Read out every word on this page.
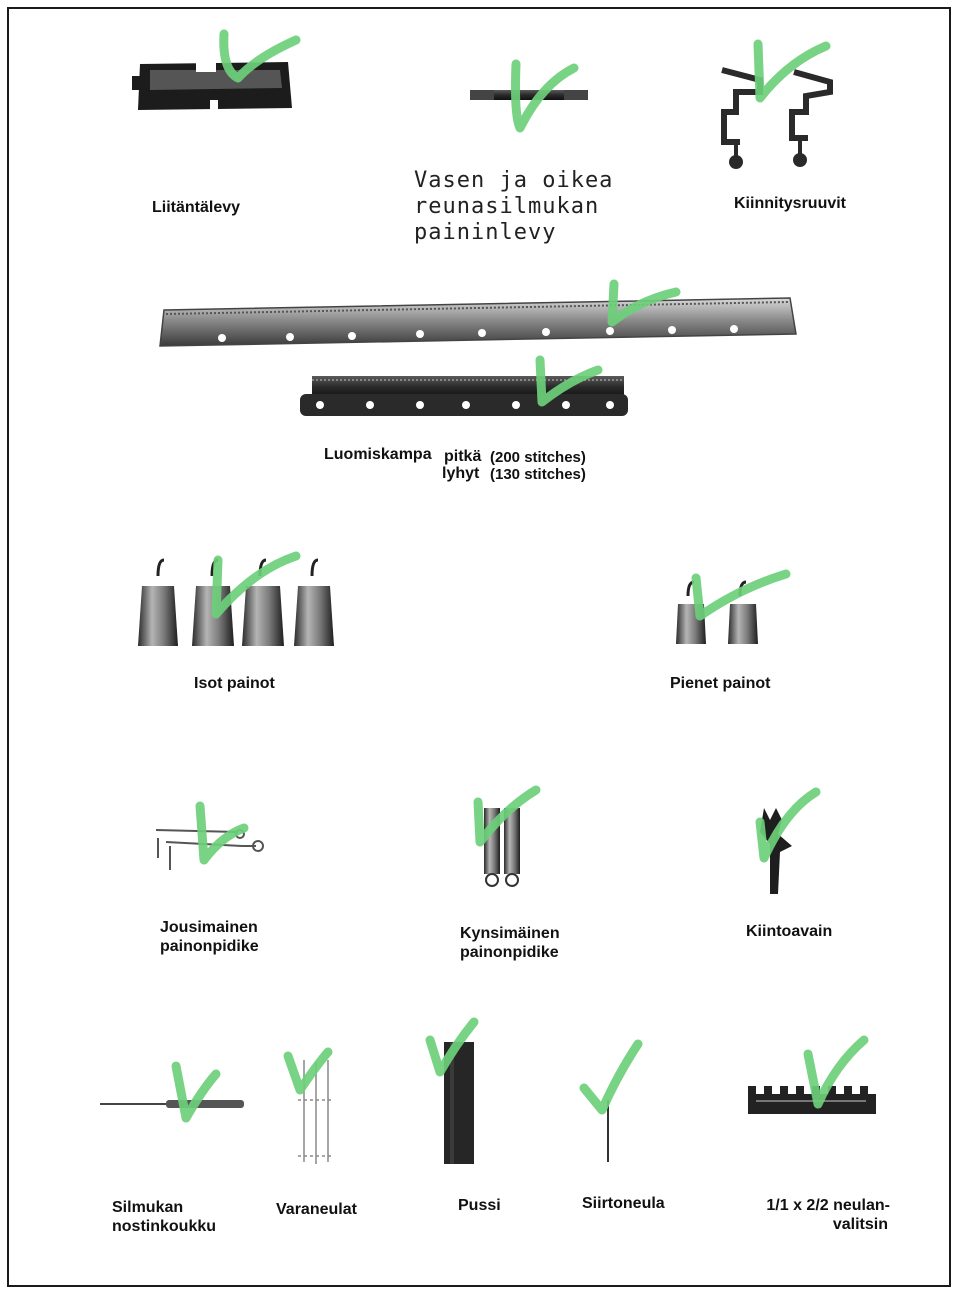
Liitäntälevy
Vasen ja oikea
reunasilmukan
paininlevy
Kiinnitysruuvit
Luomiskampa pitkä (200 stitches)
lyhyt (130 stitches)
Isot painot	Pienet painot
Jousimainen
painonpidike
Kynsimäinen
painonpidike
Kiintoavain
Silmukan
nostinkoukku
Varaneulat	Pussi	Siirtoneula	1/1 x 2/2 neulan-
valitsin
